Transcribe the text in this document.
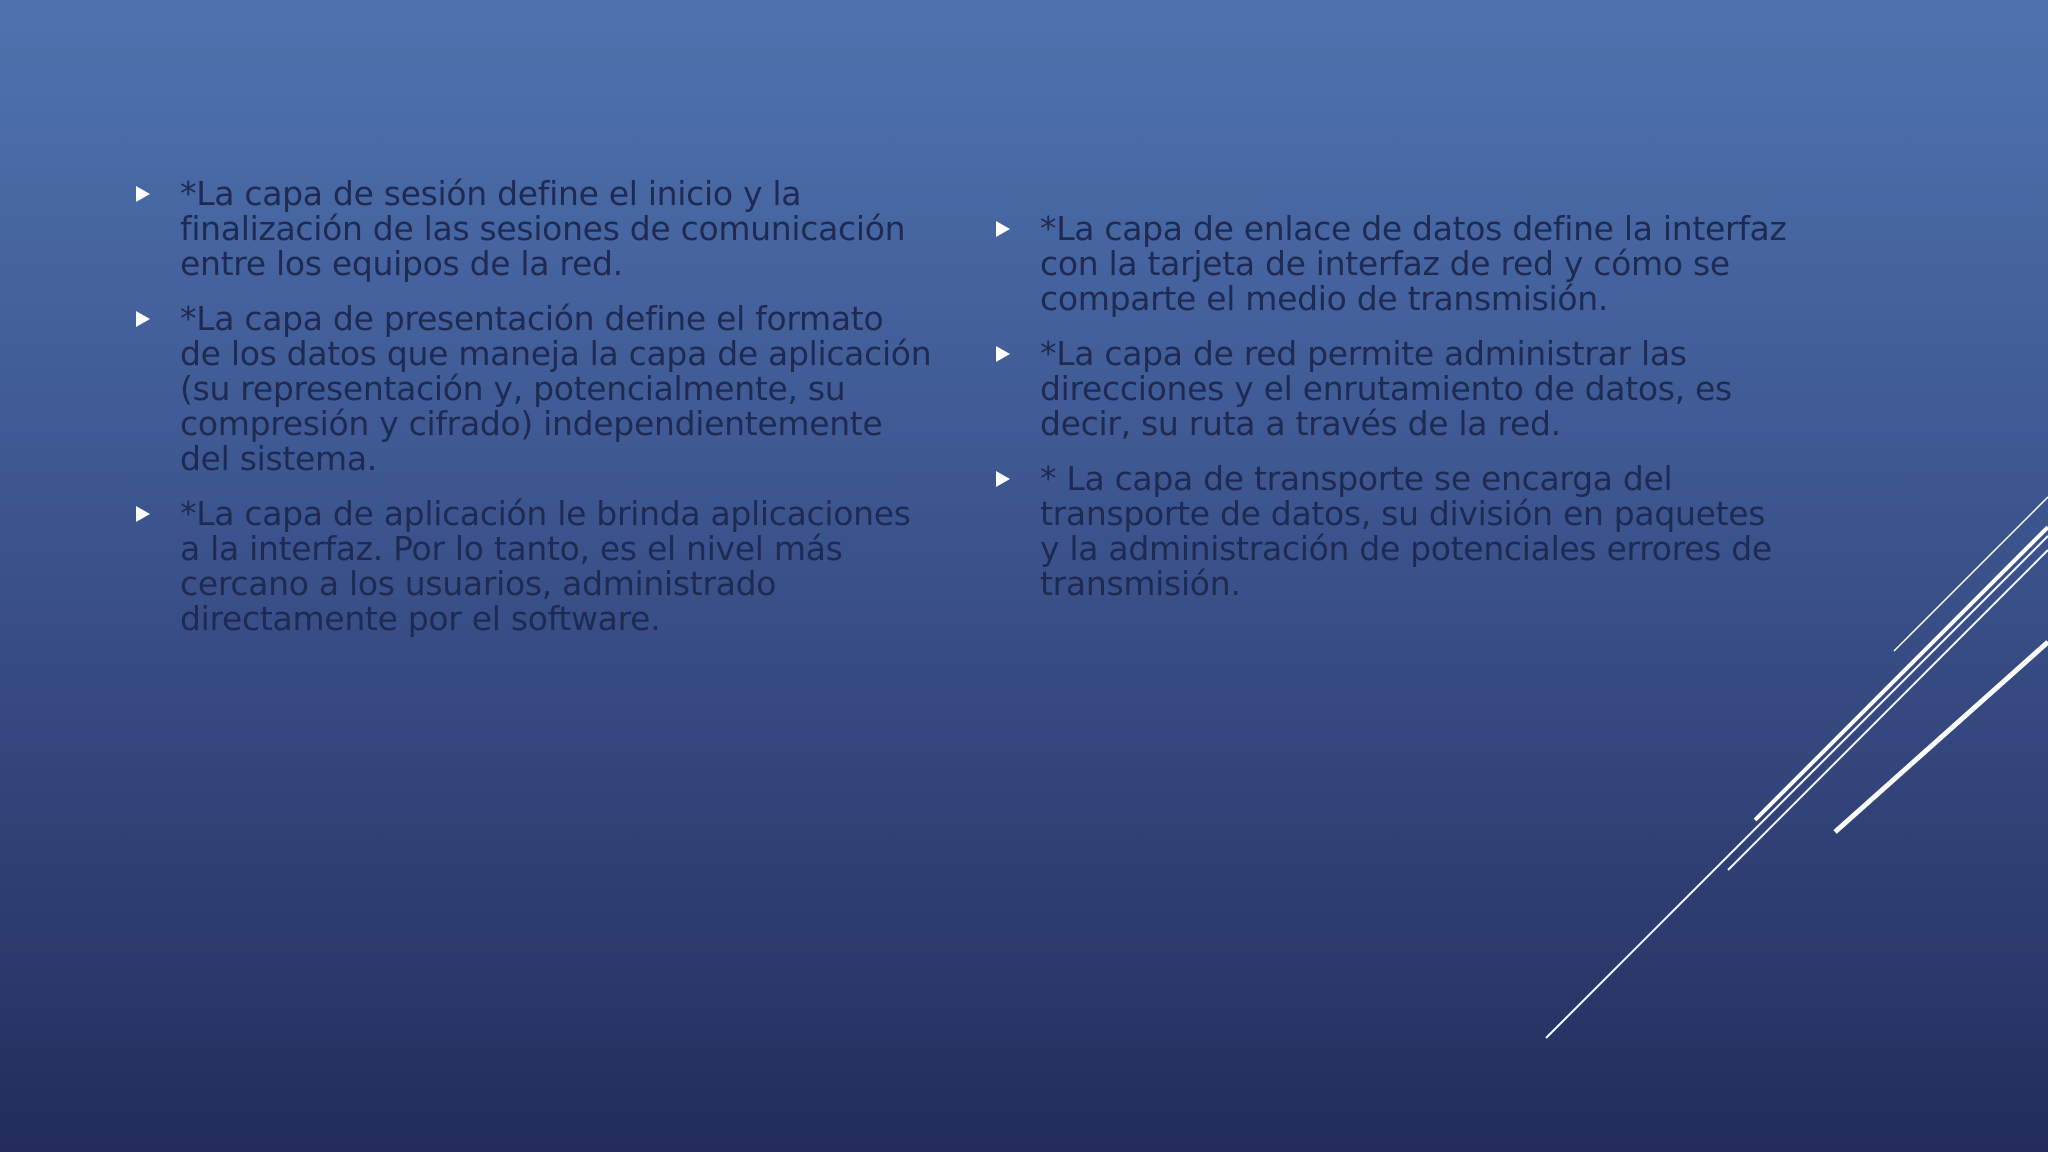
*La capa de sesión define el inicio y la finalización de las sesiones de comunicación entre los equipos de la red.
*La capa de presentación define el formato de los datos que maneja la capa de aplicación (su representación y, potencialmente, su compresión y cifrado) independientemente del sistema.
*La capa de aplicación le brinda aplicaciones a la interfaz. Por lo tanto, es el nivel más cercano a los usuarios, administrado directamente por el software.
*La capa de enlace de datos define la interfaz con la tarjeta de interfaz de red y cómo se comparte el medio de transmisión.
*La capa de red permite administrar las direcciones y el enrutamiento de datos, es decir, su ruta a través de la red.
* La capa de transporte se encarga del transporte de datos, su división en paquetes y la administración de potenciales errores de transmisión.
